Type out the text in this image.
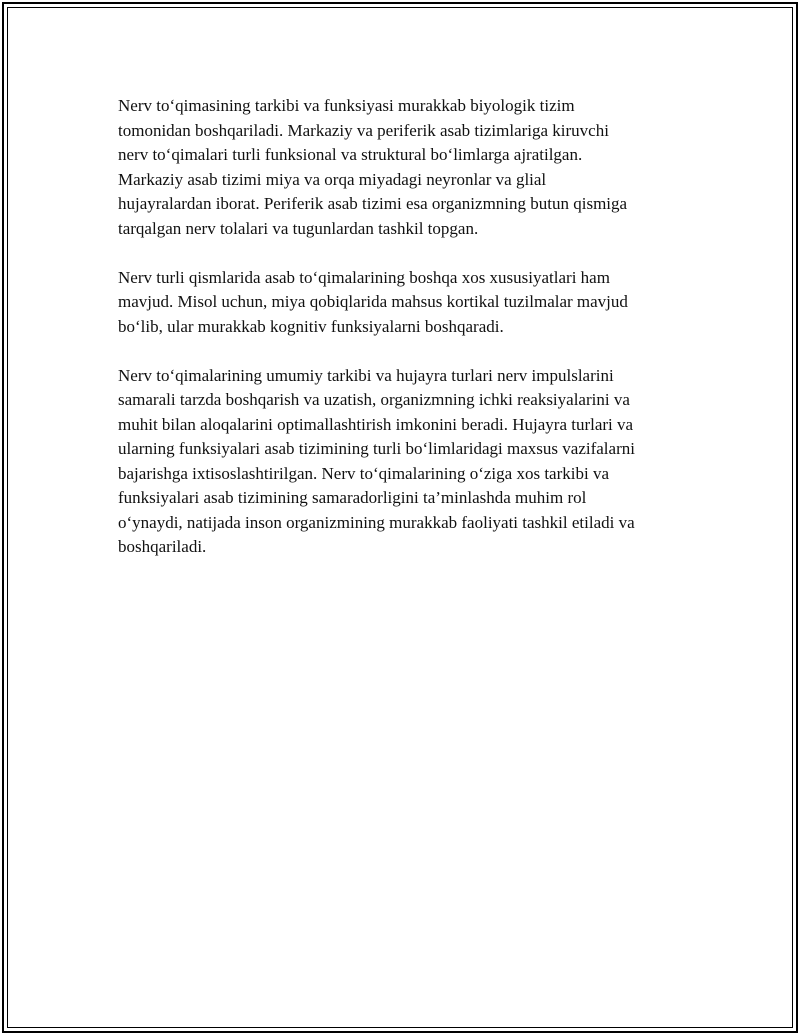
Nerv to‘qimasining tarkibi va funksiyasi murakkab biyologik tizim
tomonidan boshqariladi. Markaziy va periferik asab tizimlariga kiruvchi
nerv to‘qimalari turli funksional va struktural bo‘limlarga ajratilgan.
Markaziy asab tizimi miya va orqa miyadagi neyronlar va glial
hujayralardan iborat. Periferik asab tizimi esa organizmning butun qismiga
tarqalgan nerv tolalari va tugunlardan tashkil topgan.

Nerv turli qismlarida asab to‘qimalarining boshqa xos xususiyatlari ham
mavjud. Misol uchun, miya qobiqlarida mahsus kortikal tuzilmalar mavjud
bo‘lib, ular murakkab kognitiv funksiyalarni boshqaradi.

Nerv to‘qimalarining umumiy tarkibi va hujayra turlari nerv impulslarini
samarali tarzda boshqarish va uzatish, organizmning ichki reaksiyalarini va
muhit bilan aloqalarini optimallashtirish imkonini beradi. Hujayra turlari va
ularning funksiyalari asab tizimining turli bo‘limlaridagi maxsus vazifalarni
bajarishga ixtisoslashtirilgan. Nerv to‘qimalarining o‘ziga xos tarkibi va
funksiyalari asab tizimining samaradorligini ta’minlashda muhim rol
o‘ynaydi, natijada inson organizmining murakkab faoliyati tashkil etiladi va
boshqariladi.
